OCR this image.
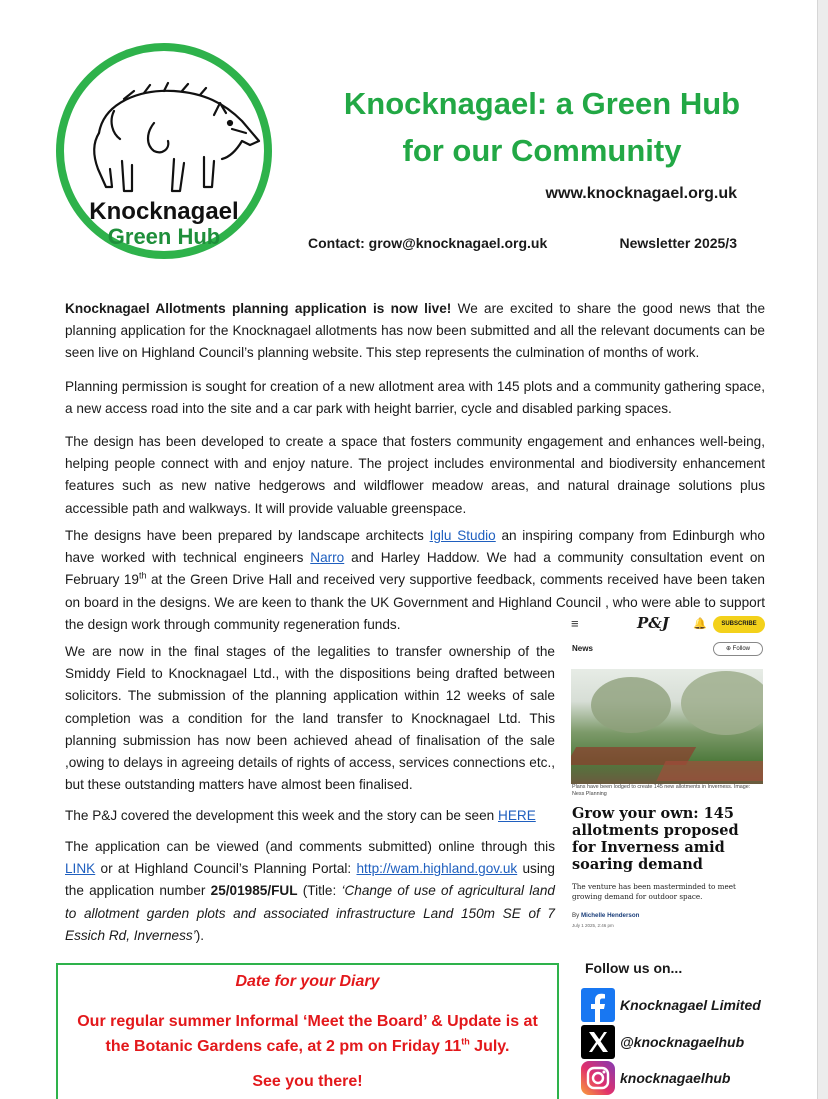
Knocknagael
Green Hub
Knocknagael: a Green Hub
for our Community
www.knocknagael.org.uk
Contact: grow@knocknagael.org.uk	Newsletter 2025/3

Knocknagael Allotments planning application is now live! We are excited to share the good news that the planning application for the Knocknagael allotments has now been submitted and all the relevant documents can be seen live on Highland Council’s planning website. This step represents the culmination of months of work.

Planning permission is sought for creation of a new allotment area with 145 plots and a community gathering space, a new access road into the site and a car park with height barrier, cycle and disabled parking spaces.

The design has been developed to create a space that fosters community engagement and enhances well-being, helping people connect with and enjoy nature. The project includes environmental and biodiversity enhancement features such as new native hedgerows and wildflower meadow areas, and natural drainage solutions plus accessible path and walkways. It will provide valuable greenspace.

The designs have been prepared by landscape architects Iglu Studio an inspiring company from Edinburgh who have worked with technical engineers Narro and Harley Haddow. We had a community consultation event on February 19th at the Green Drive Hall and received very supportive feedback, comments received have been taken on board in the designs. We are keen to thank the UK Government and Highland Council , who were able to support the design work through community regeneration funds.

We are now in the final stages of the legalities to transfer ownership of the Smiddy Field to Knocknagael Ltd., with the dispositions being drafted between solicitors. The submission of the planning application within 12 weeks of sale completion was a condition for the land transfer to Knocknagael Ltd. This planning submission has now been achieved ahead of finalisation of the sale ,owing to delays in agreeing details of rights of access, services connections etc., but these outstanding matters have almost been finalised.

The P&J covered the development this week and the story can be seen HERE

The application can be viewed (and comments submitted) online through this LINK or at Highland Council’s Planning Portal: http://wam.highland.gov.uk using the application number 25/01985/FUL (Title: ‘Change of use of agricultural land to allotment garden plots and associated infrastructure Land 150m SE of 7 Essich Rd, Inverness’).

≡	P&J 🔔	SUBSCRIBE
News	⊕ Follow
Plans have been lodged to create 145 new allotments in Inverness. Image: Ness Planning
Grow your own: 145 allotments proposed for Inverness amid soaring demand
The venture has been masterminded to meet growing demand for outdoor space.
By Michelle Henderson
July 1 2025, 2:46 pm
Date for your Diary
Our regular summer Informal ‘Meet the Board’ & Update is at
the Botanic Gardens cafe, at 2 pm on Friday 11th July.
See you there!
Follow us on...
Knocknagael Limited
@knocknagaelhub
knocknagaelhub
